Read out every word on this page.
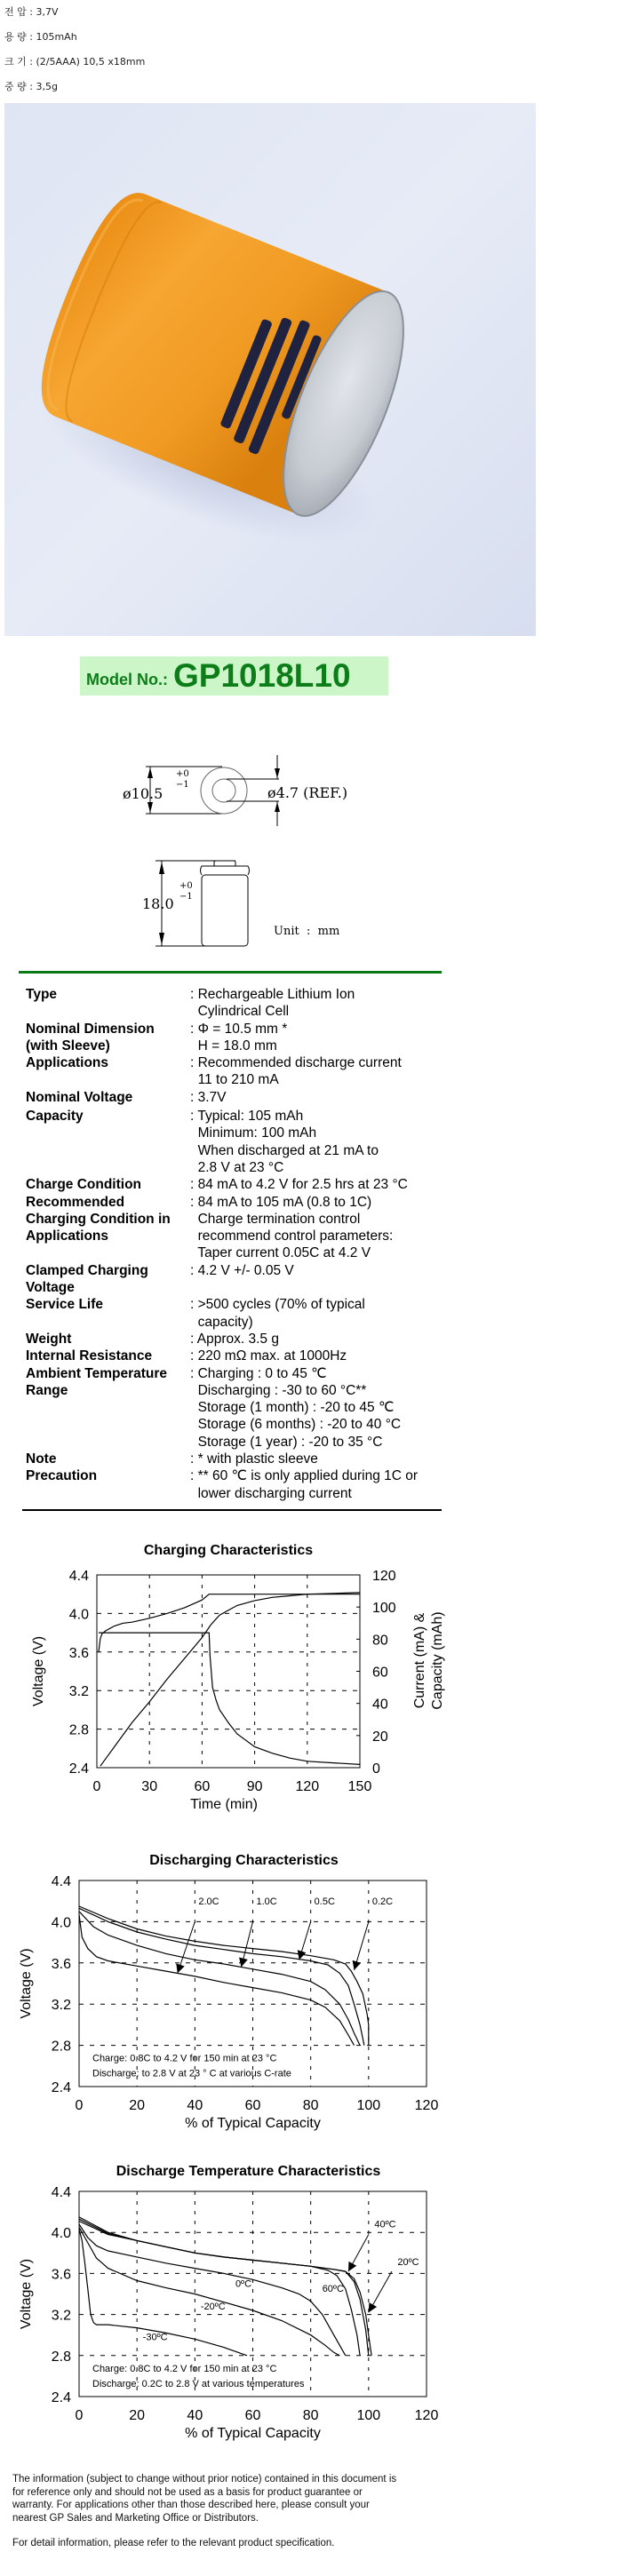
전 압 : 3,7V
용 량 : 105mAh
크 기 : (2/5AAA) 10,5 x18mm
중 량 : 3,5g
Model No.: GP1018L10
ø10.5
+0
−1	ø4.7 (REF.)
18.0
+0
−1
Unit  :  mm
Type	: Rechargeable Lithium Ion
Cylindrical Cell
Nominal Dimension
(with Sleeve)
: Φ = 10.5 mm *
H = 18.0 mm
Applications	: Recommended discharge current
11 to 210 mA
Nominal Voltage	: 3.7V
Capacity	: Typical: 105 mAh
Minimum: 100 mAh
When discharged at 21 mA to
2.8 V at 23 °C
Charge Condition	: 84 mA to 4.2 V for 2.5 hrs at 23 °C
Recommended
Charging Condition in
Applications
: 84 mA to 105 mA (0.8 to 1C)
Charge termination control
recommend control parameters:
Taper current 0.05C at 4.2 V
Clamped Charging
Voltage
: 4.2 V +/- 0.05 V
Service Life	: >500 cycles (70% of typical
capacity)
Weight	: Approx. 3.5 g
Internal Resistance	: 220 mΩ max. at 1000Hz
Ambient Temperature
Range
: Charging : 0 to 45 ℃
Discharging : -30 to 60 °C**
Storage (1 month) : -20 to 45 ℃
Storage (6 months) : -20 to 40 °C
Storage (1 year) : -20 to 35 °C
Note	: * with plastic sleeve
Precaution	: ** 60 ℃ is only applied during 1C or
lower discharging current
Charging Characteristics
0	30	60	90 120 150
2.4
2.8
3.2
3.6
4.0
4.4
0
20
40
60
80
100
120
Time (min)
Voltage (V)	Current (mA) & Capacity (mAh)
Discharging Characteristics
0	20	40	60	80	100 120
2.4
2.8
3.2
3.6
4.0
4.4
% of Typical Capacity
Voltage (V)
0.2C
0.5C
1.0C
2.0C
Charge: 0.8C to 4.2 V for 150 min at 23 °C
Discharge: to 2.8 V at 23 ° C at various C-rate
Discharge Temperature Characteristics
0	20	40	60	80	100 120
2.4
2.8
3.2
3.6
4.0
4.4
% of Typical Capacity
Voltage (V)
40ºC
20ºC
60ºC
0ºC
-20ºC
-30ºC
Charge: 0.8C to 4.2 V for 150 min at 23 °C
Discharge: 0.2C to 2.8 V at various temperatures

The information (subject to change without prior notice) contained in this document is

for reference only and should not be used as a basis for product guarantee or

warranty. For applications other than those described here, please consult your

nearest GP Sales and Marketing Office or Distributors.

For detail information, please refer to the relevant product specification.
